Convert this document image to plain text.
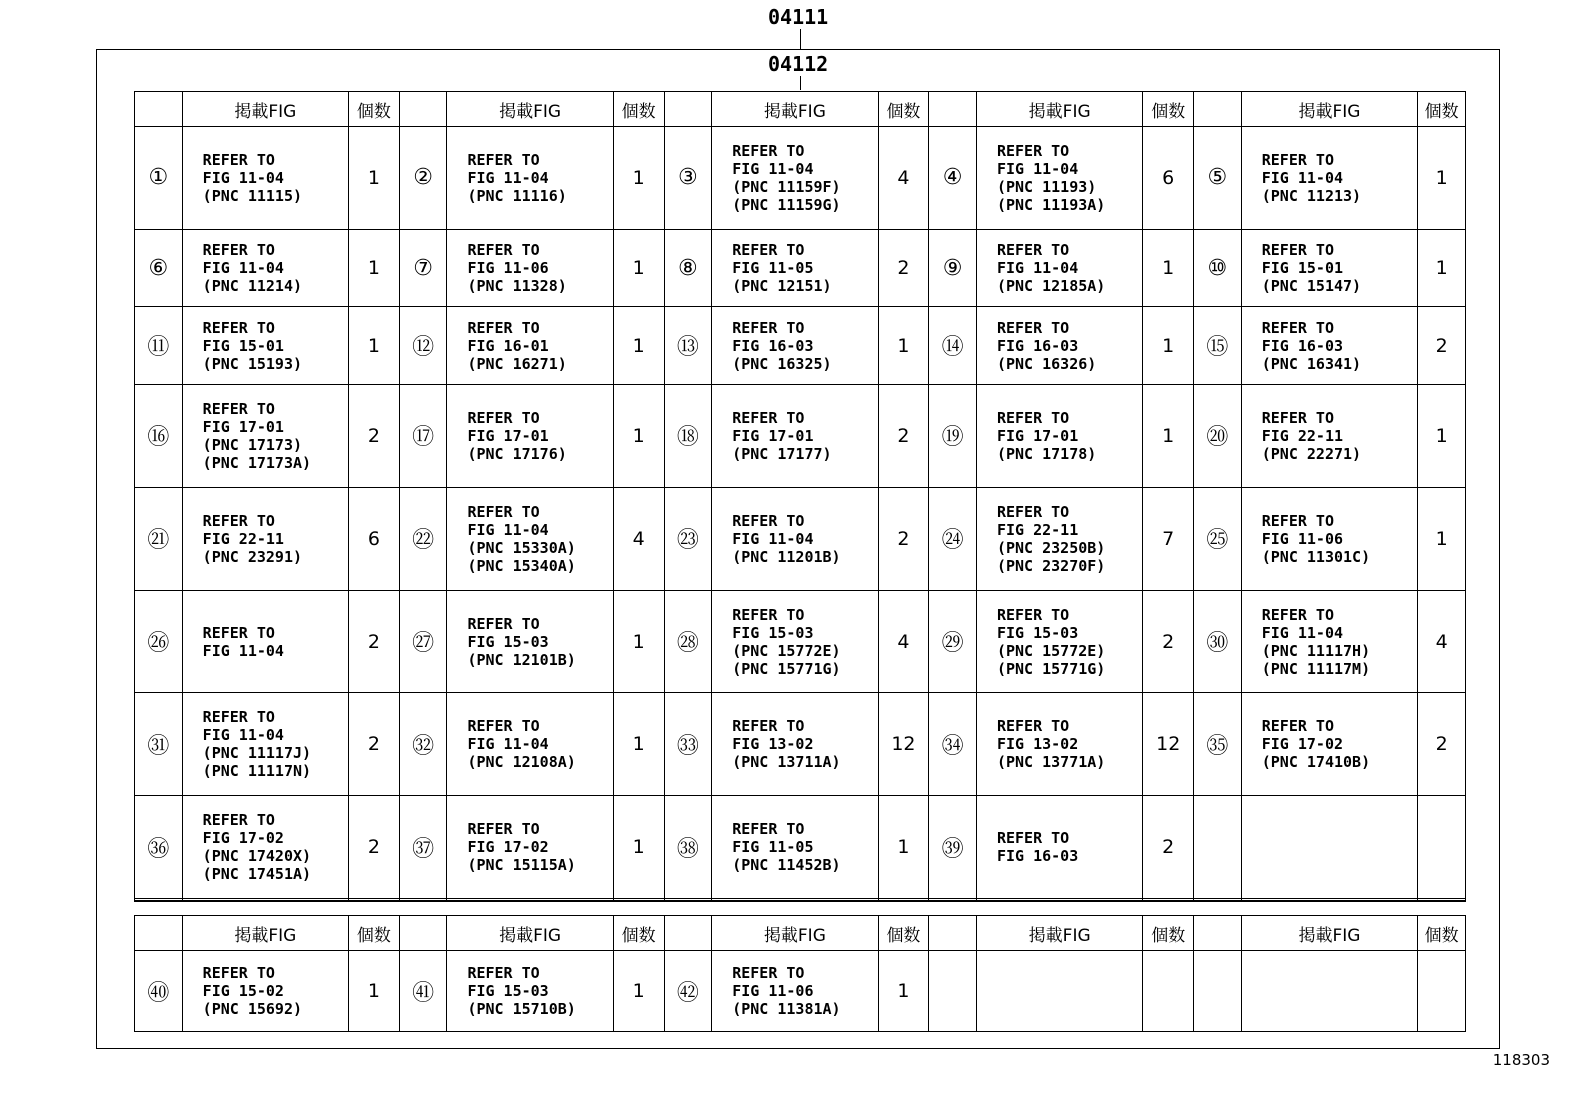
04111
04112
	掲載FIG	個数		掲載FIG	個数		掲載FIG	個数		掲載FIG	個数		掲載FIG	個数
①	REFER TO
FIG 11-04
(PNC 11115)	1	②	REFER TO
FIG 11-04
(PNC 11116)	1	③	REFER TO
FIG 11-04
(PNC 11159F)
(PNC 11159G)	4	④	REFER TO
FIG 11-04
(PNC 11193)
(PNC 11193A)	6	⑤	REFER TO
FIG 11-04
(PNC 11213)	1
⑥	REFER TO
FIG 11-04
(PNC 11214)	1	⑦	REFER TO
FIG 11-06
(PNC 11328)	1	⑧	REFER TO
FIG 11-05
(PNC 12151)	2	⑨	REFER TO
FIG 11-04
(PNC 12185A)	1	⑩	REFER TO
FIG 15-01
(PNC 15147)	1
⑪	REFER TO
FIG 15-01
(PNC 15193)	1	⑫	REFER TO
FIG 16-01
(PNC 16271)	1	⑬	REFER TO
FIG 16-03
(PNC 16325)	1	⑭	REFER TO
FIG 16-03
(PNC 16326)	1	⑮	REFER TO
FIG 16-03
(PNC 16341)	2
⑯	REFER TO
FIG 17-01
(PNC 17173)
(PNC 17173A)	2	⑰	REFER TO
FIG 17-01
(PNC 17176)	1	⑱	REFER TO
FIG 17-01
(PNC 17177)	2	⑲	REFER TO
FIG 17-01
(PNC 17178)	1	⑳	REFER TO
FIG 22-11
(PNC 22271)	1
㉑	REFER TO
FIG 22-11
(PNC 23291)	6	㉒	REFER TO
FIG 11-04
(PNC 15330A)
(PNC 15340A)	4	㉓	REFER TO
FIG 11-04
(PNC 11201B)	2	㉔	REFER TO
FIG 22-11
(PNC 23250B)
(PNC 23270F)	7	㉕	REFER TO
FIG 11-06
(PNC 11301C)	1
㉖	REFER TO
FIG 11-04	2	㉗	REFER TO
FIG 15-03
(PNC 12101B)	1	㉘	REFER TO
FIG 15-03
(PNC 15772E)
(PNC 15771G)	4	㉙	REFER TO
FIG 15-03
(PNC 15772E)
(PNC 15771G)	2	㉚	REFER TO
FIG 11-04
(PNC 11117H)
(PNC 11117M)	4
㉛	REFER TO
FIG 11-04
(PNC 11117J)
(PNC 11117N)	2	㉜	REFER TO
FIG 11-04
(PNC 12108A)	1	㉝	REFER TO
FIG 13-02
(PNC 13711A)	12	㉞	REFER TO
FIG 13-02
(PNC 13771A)	12	㉟	REFER TO
FIG 17-02
(PNC 17410B)	2
㊱	REFER TO
FIG 17-02
(PNC 17420X)
(PNC 17451A)	2	㊲	REFER TO
FIG 17-02
(PNC 15115A)	1	㊳	REFER TO
FIG 11-05
(PNC 11452B)	1	㊴	REFER TO
FIG 16-03	2			

	掲載FIG	個数		掲載FIG	個数		掲載FIG	個数		掲載FIG	個数		掲載FIG	個数
㊵	REFER TO
FIG 15-02
(PNC 15692)	1	㊶	REFER TO
FIG 15-03
(PNC 15710B)	1	㊷	REFER TO
FIG 11-06
(PNC 11381A)	1						
118303
